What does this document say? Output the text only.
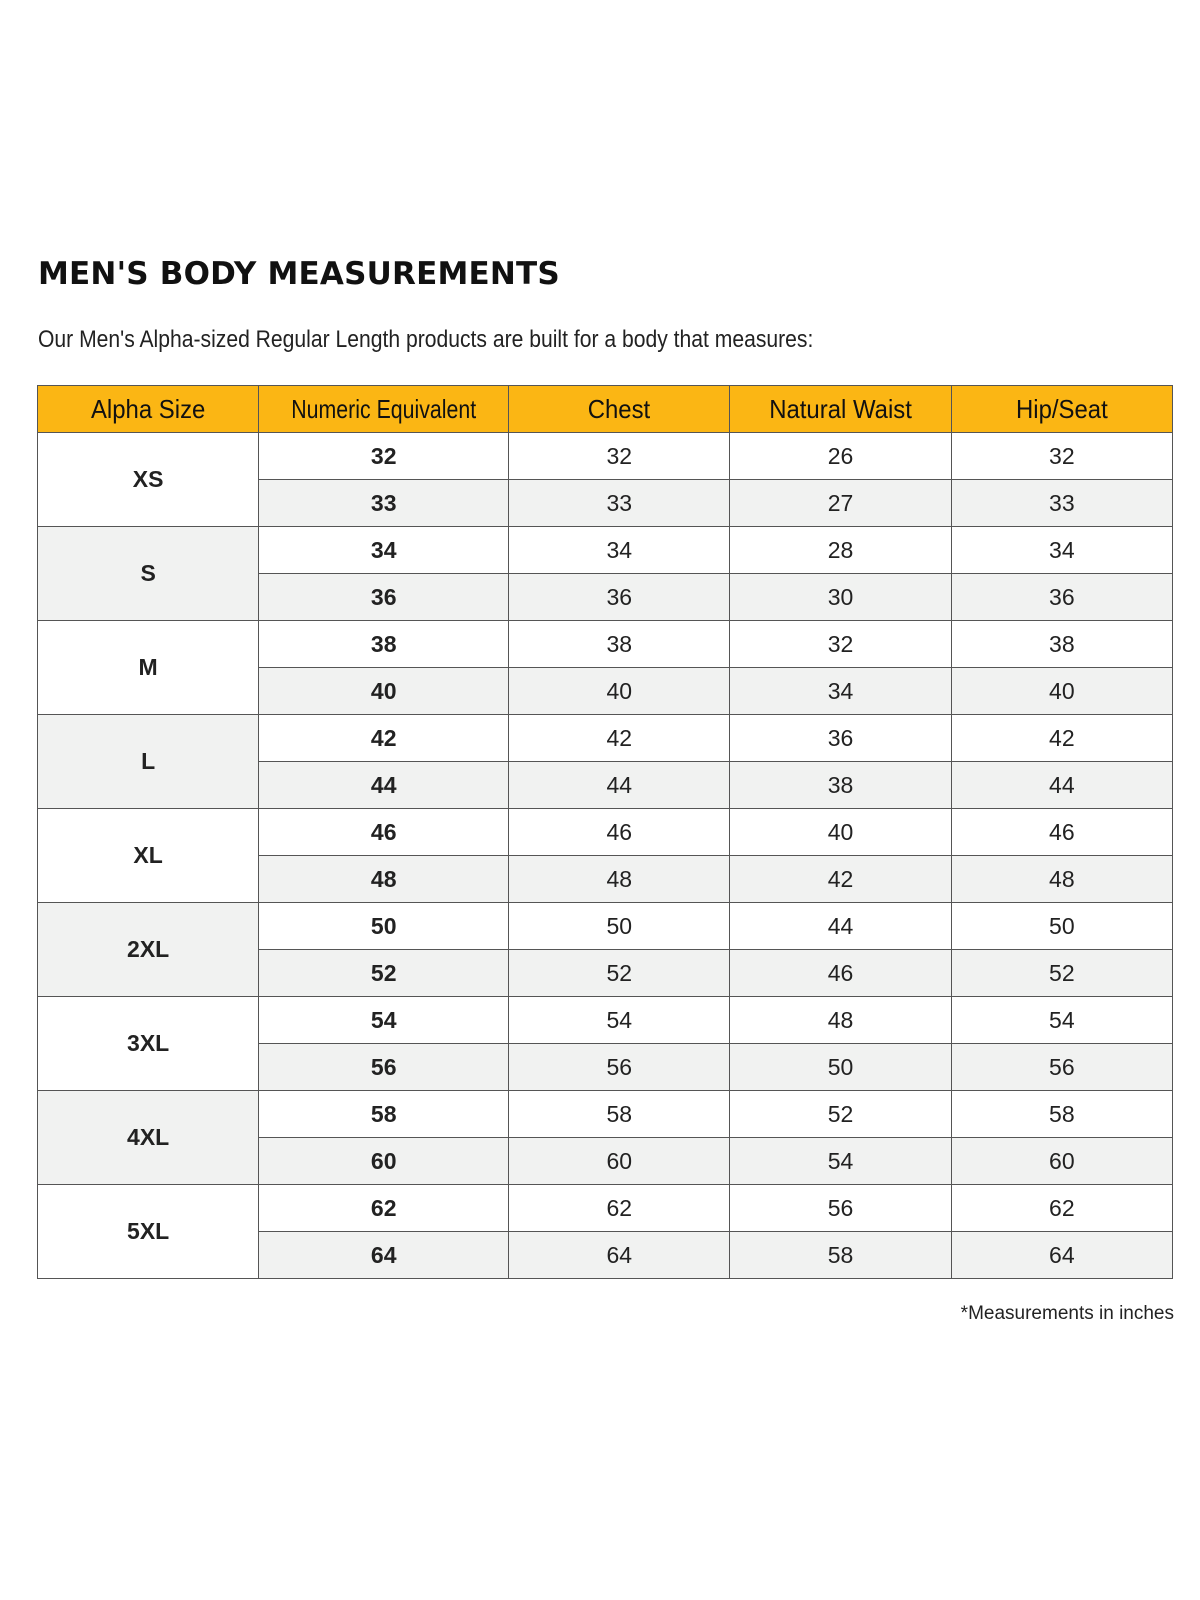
MEN'S BODY MEASUREMENTS
Our Men's Alpha-sized Regular Length products are built for a body that measures:
Alpha Size	Numeric Equivalent	Chest	Natural Waist	Hip/Seat
XS	32	32	26	32
	33	33	27	33
S	34	34	28	34
	36	36	30	36
M	38	38	32	38
	40	40	34	40
L	42	42	36	42
	44	44	38	44
XL	46	46	40	46
	48	48	42	48
2XL	50	50	44	50
	52	52	46	52
3XL	54	54	48	54
	56	56	50	56
4XL	58	58	52	58
	60	60	54	60
5XL	62	62	56	62
	64	64	58	64
*Measurements in inches
